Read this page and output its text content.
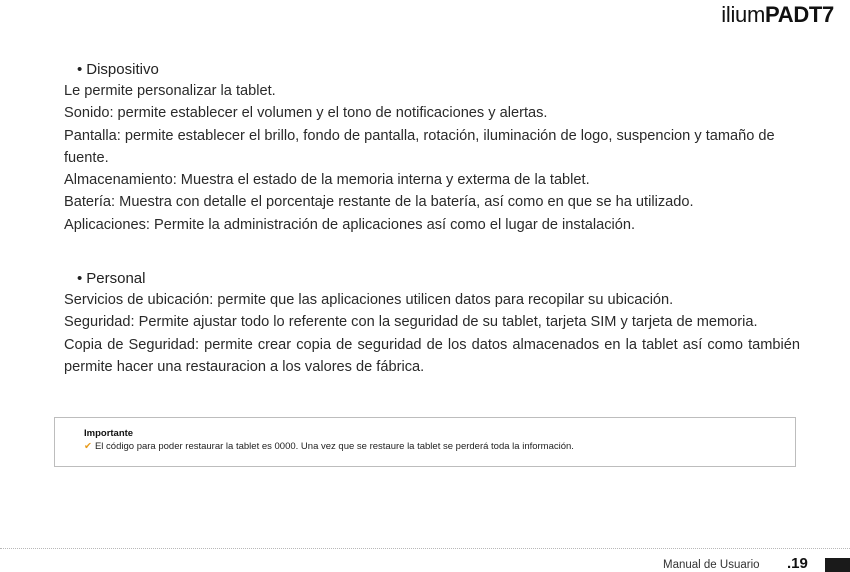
iliumPADT7
• Dispositivo
Le permite personalizar la tablet.
Sonido: permite establecer el volumen y el tono de notificaciones y alertas.
Pantalla: permite establecer el brillo, fondo de pantalla, rotación, iluminación de logo, suspencion y tamaño de fuente.
Almacenamiento: Muestra el estado de la memoria interna y exterma de la tablet.
Batería: Muestra con detalle el porcentaje restante de la batería, así como en que se ha utilizado.
Aplicaciones: Permite la administración de aplicaciones así como el lugar de instalación.
• Personal
Servicios de ubicación: permite que las aplicaciones utilicen datos para recopilar su ubicación.
Seguridad: Permite ajustar todo lo referente con la seguridad de su tablet, tarjeta SIM y tarjeta de memoria.
Copia de Seguridad: permite crear copia de seguridad de los datos almacenados en la tablet así como también permite hacer una restauracion a los valores de fábrica.
Importante
✔ El código para poder restaurar la tablet es 0000. Una vez que se restaure la tablet se perderá toda la información.
Manual de Usuario .19
